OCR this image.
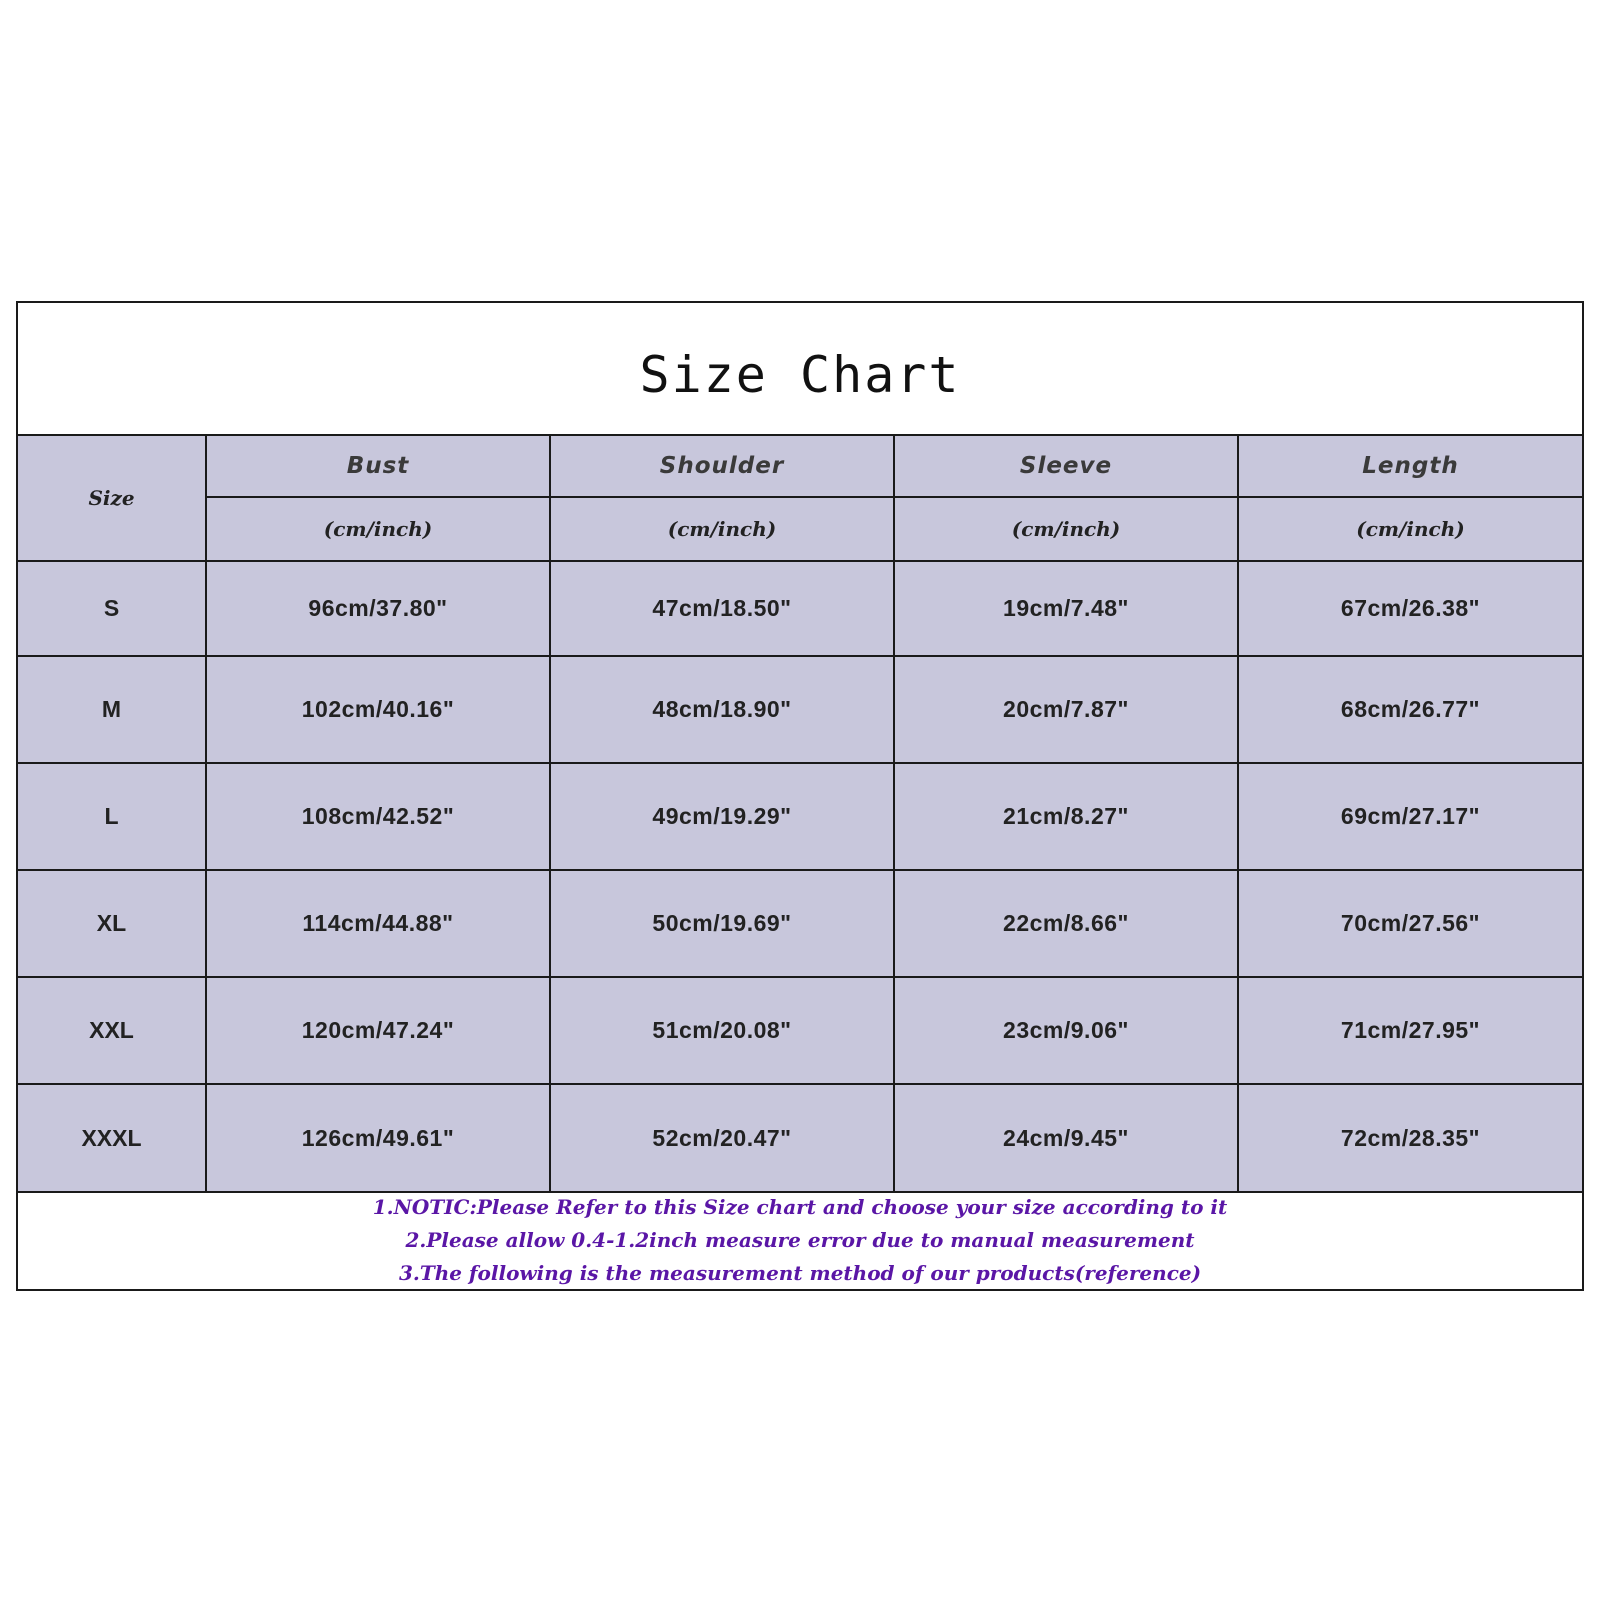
Size Chart
Size	Bust	Shoulder	Sleeve	Length
	(cm/inch)	(cm/inch)	(cm/inch)	(cm/inch)
S	96cm/37.80"	47cm/18.50"	19cm/7.48"	67cm/26.38"
M	102cm/40.16"	48cm/18.90"	20cm/7.87"	68cm/26.77"
L	108cm/42.52"	49cm/19.29"	21cm/8.27"	69cm/27.17"
XL	114cm/44.88"	50cm/19.69"	22cm/8.66"	70cm/27.56"
XXL	120cm/47.24"	51cm/20.08"	23cm/9.06"	71cm/27.95"
XXXL	126cm/49.61"	52cm/20.47"	24cm/9.45"	72cm/28.35"
1.NOTIC:Please Refer to this Size chart and choose your size according to it
2.Please allow 0.4-1.2inch measure error due to manual measurement
3.The following is the measurement method of our products(reference)
